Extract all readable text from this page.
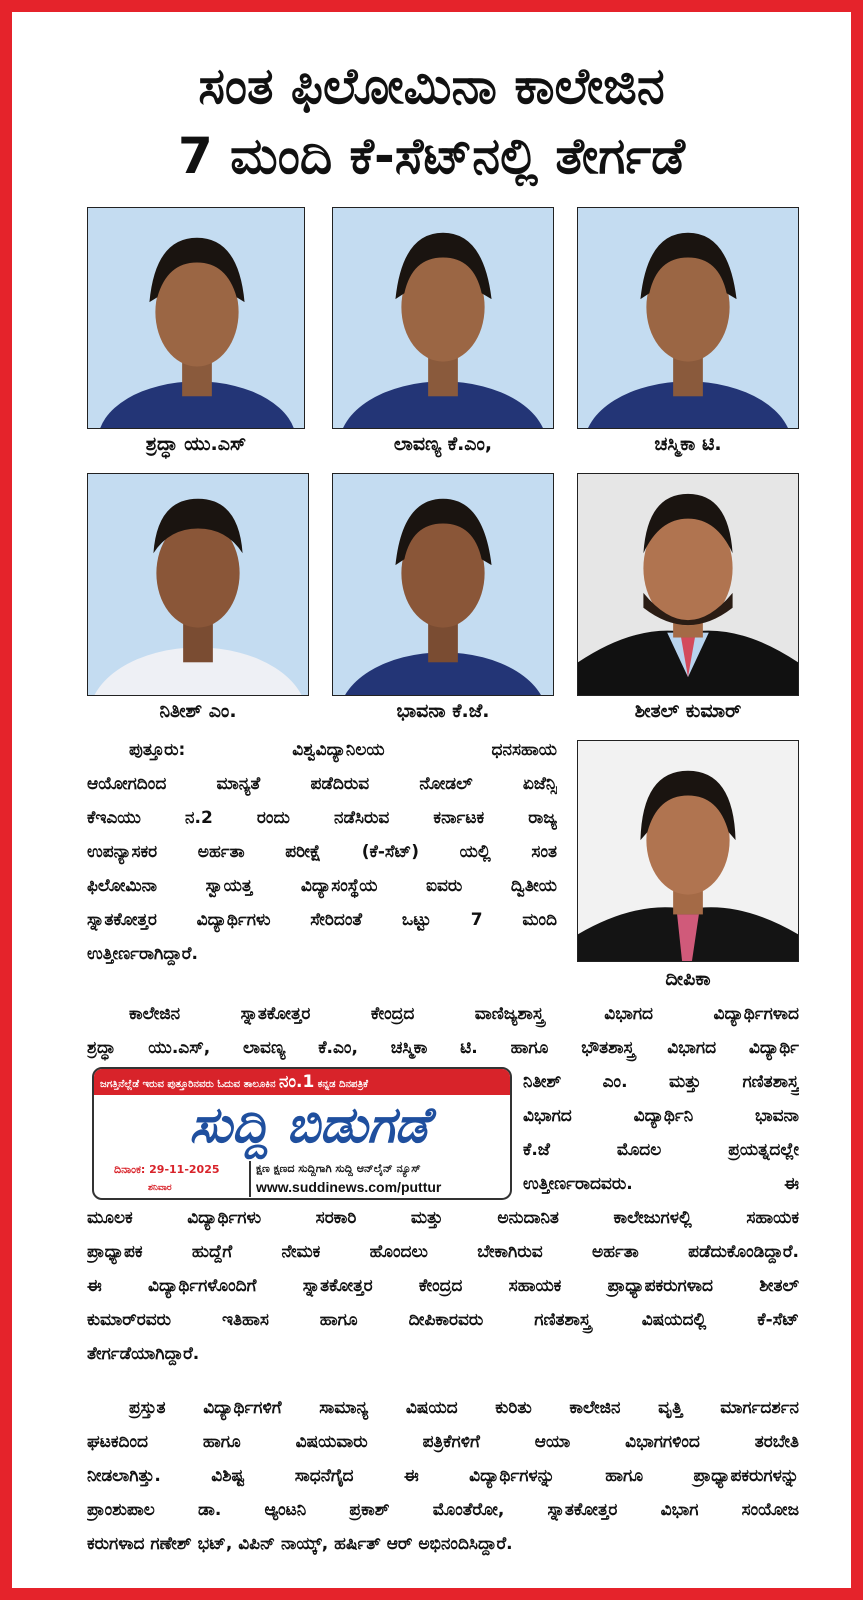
ಸಂತ ಫಿಲೋಮಿನಾ ಕಾಲೇಜಿನ
7 ಮಂದಿ ಕೆ-ಸೆಟ್‌ನಲ್ಲಿ ತೇರ್ಗಡೆ
ಶ್ರದ್ಧಾ ಯು.ಎಸ್	ಲಾವಣ್ಯ ಕೆ.ಎಂ,	ಚಸ್ಮಿಕಾ ಟಿ.
ನಿತೀಶ್ ಎಂ.	ಭಾವನಾ ಕೆ.ಜೆ.	ಶೀತಲ್ ಕುಮಾರ್
ದೀಪಿಕಾ
ಪುತ್ತೂರು: ವಿಶ್ವವಿದ್ಯಾನಿಲಯ ಧನಸಹಾಯ
ಆಯೋಗದಿಂದ ಮಾನ್ಯತೆ ಪಡೆದಿರುವ ನೋಡಲ್ ಏಜೆನ್ಸಿ
ಕೆಇಎಯು ನ.2 ರಂದು ನಡೆಸಿರುವ ಕರ್ನಾಟಕ ರಾಜ್ಯ
ಉಪನ್ಯಾಸಕರ ಅರ್ಹತಾ ಪರೀಕ್ಷೆ (ಕೆ-ಸೆಟ್) ಯಲ್ಲಿ ಸಂತ
ಫಿಲೋಮಿನಾ ಸ್ವಾಯತ್ತ ವಿದ್ಯಾಸಂಸ್ಥೆಯ ಐವರು ದ್ವಿತೀಯ
ಸ್ನಾತಕೋತ್ತರ ವಿದ್ಯಾರ್ಥಿಗಳು ಸೇರಿದಂತೆ ಒಟ್ಟು 7 ಮಂದಿ
ಉತ್ತೀರ್ಣರಾಗಿದ್ದಾರೆ.
ಕಾಲೇಜಿನ ಸ್ನಾತಕೋತ್ತರ ಕೇಂದ್ರದ ವಾಣಿಜ್ಯಶಾಸ್ತ್ರ ವಿಭಾಗದ ವಿದ್ಯಾರ್ಥಿಗಳಾದ
ಶ್ರದ್ಧಾ ಯು.ಎಸ್, ಲಾವಣ್ಯ ಕೆ.ಎಂ, ಚಸ್ಮಿಕಾ ಟಿ. ಹಾಗೂ ಭೌತಶಾಸ್ತ್ರ ವಿಭಾಗದ ವಿದ್ಯಾರ್ಥಿ
ಜಗತ್ತಿನೆಲ್ಲೆಡೆ ಇರುವ ಪುತ್ತೂರಿನವರು ಓದುವ ತಾಲೂಕಿನ ನಂ.1 ಕನ್ನಡ ದಿನಪತ್ರಿಕೆ
ಸುದ್ದಿ ಬಿಡುಗಡೆ
ದಿನಾಂಕ: 29-11-2025
ಶನಿವಾರ
ಕ್ಷಣ ಕ್ಷಣದ ಸುದ್ದಿಗಾಗಿ ಸುದ್ದಿ ಆನ್‌ಲೈನ್ ನ್ಯೂಸ್
www.suddinews.com/puttur
ನಿತೀಶ್ ಎಂ. ಮತ್ತು ಗಣಿತಶಾಸ್ತ್ರ
ವಿಭಾಗದ ವಿದ್ಯಾರ್ಥಿನಿ ಭಾವನಾ
ಕೆ.ಜೆ ಮೊದಲ ಪ್ರಯತ್ನದಲ್ಲೇ
ಉತ್ತೀರ್ಣರಾದವರು. ಈ
ಮೂಲಕ ವಿದ್ಯಾರ್ಥಿಗಳು ಸರಕಾರಿ ಮತ್ತು ಅನುದಾನಿತ ಕಾಲೇಜುಗಳಲ್ಲಿ ಸಹಾಯಕ
ಪ್ರಾಧ್ಯಾಪಕ ಹುದ್ದೆಗೆ ನೇಮಕ ಹೊಂದಲು ಬೇಕಾಗಿರುವ ಅರ್ಹತಾ ಪಡೆದುಕೊಂಡಿದ್ದಾರೆ.
ಈ ವಿದ್ಯಾರ್ಥಿಗಳೊಂದಿಗೆ ಸ್ನಾತಕೋತ್ತರ ಕೇಂದ್ರದ ಸಹಾಯಕ ಪ್ರಾಧ್ಯಾಪಕರುಗಳಾದ ಶೀತಲ್
ಕುಮಾರ್‌ರವರು ಇತಿಹಾಸ ಹಾಗೂ ದೀಪಿಕಾರವರು ಗಣಿತಶಾಸ್ತ್ರ ವಿಷಯದಲ್ಲಿ ಕೆ-ಸೆಟ್
ತೇರ್ಗಡೆಯಾಗಿದ್ದಾರೆ.
ಪ್ರಸ್ತುತ ವಿದ್ಯಾರ್ಥಿಗಳಿಗೆ ಸಾಮಾನ್ಯ ವಿಷಯದ ಕುರಿತು ಕಾಲೇಜಿನ ವೃತ್ತಿ ಮಾರ್ಗದರ್ಶನ
ಘಟಕದಿಂದ ಹಾಗೂ ವಿಷಯವಾರು ಪತ್ರಿಕೆಗಳಿಗೆ ಆಯಾ ವಿಭಾಗಗಳಿಂದ ತರಬೇತಿ
ನೀಡಲಾಗಿತ್ತು. ವಿಶಿಷ್ಟ ಸಾಧನೆಗೈದ ಈ ವಿದ್ಯಾರ್ಥಿಗಳನ್ನು ಹಾಗೂ ಪ್ರಾಧ್ಯಾಪಕರುಗಳನ್ನು
ಪ್ರಾಂಶುಪಾಲ ಡಾ. ಆ್ಯಂಟನಿ ಪ್ರಕಾಶ್ ಮೊಂತೆರೋ, ಸ್ನಾತಕೋತ್ತರ ವಿಭಾಗ ಸಂಯೋಜ
ಕರುಗಳಾದ ಗಣೇಶ್ ಭಟ್, ವಿಪಿನ್ ನಾಯ್ಕ್, ಹರ್ಷಿತ್ ಆರ್ ಅಭಿನಂದಿಸಿದ್ದಾರೆ.
